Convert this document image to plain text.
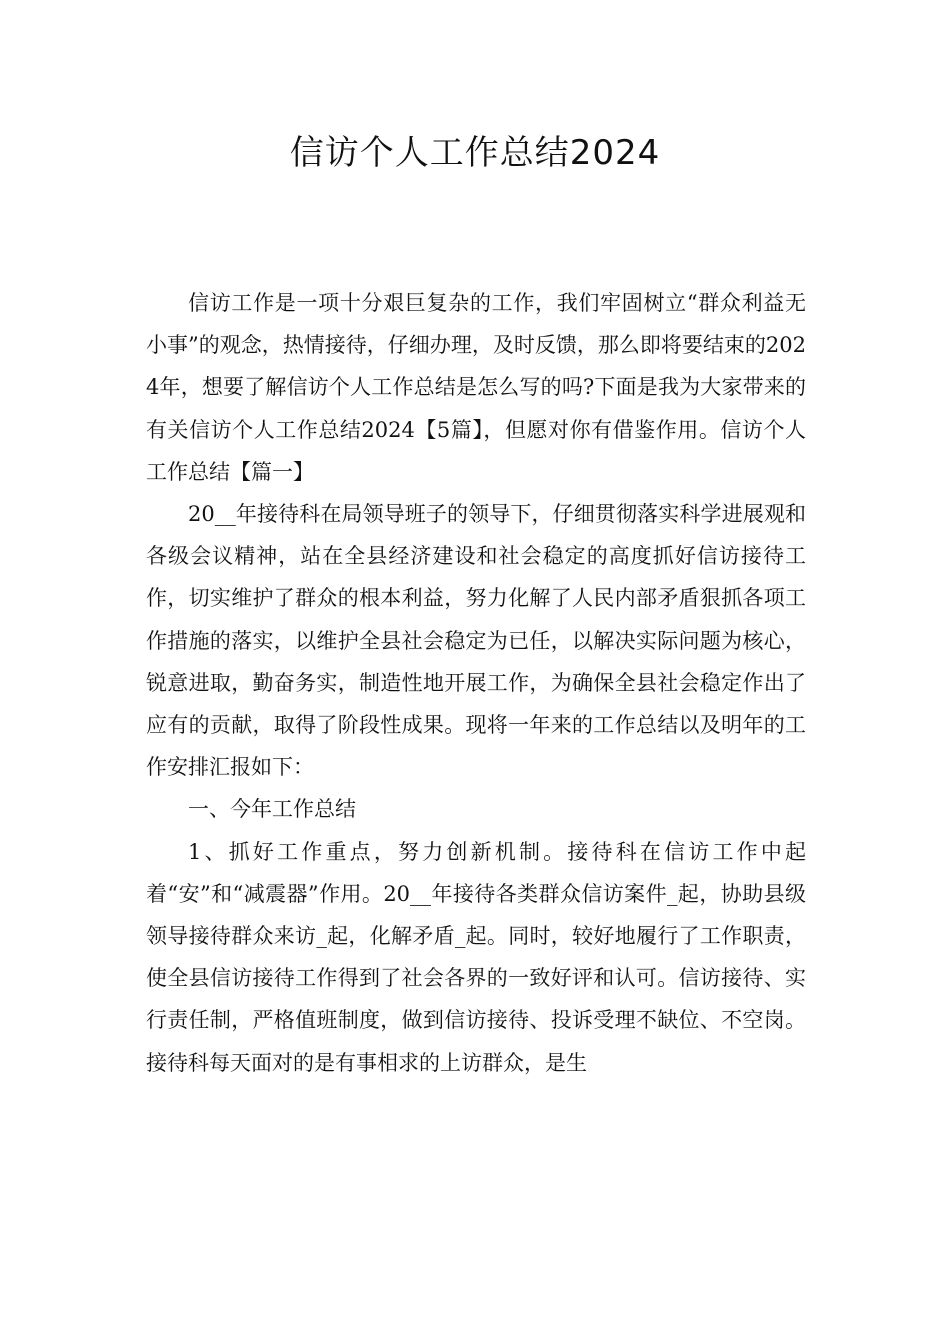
信访个人工作总结2024

信访工作是一项十分艰巨复杂的工作，我们牢固树立“群众利益无小事”的观念，热情接待，仔细办理，及时反馈，那么即将要结束的2024年，想要了解信访个人工作总结是怎么写的吗?下面是我为大家带来的有关信访个人工作总结2024【5篇】，但愿对你有借鉴作用。信访个人工作总结【篇一】

20__年接待科在局领导班子的领导下，仔细贯彻落实科学进展观和各级会议精神，站在全县经济建设和社会稳定的高度抓好信访接待工作，切实维护了群众的根本利益，努力化解了人民内部矛盾狠抓各项工作措施的落实，以维护全县社会稳定为已任，以解决实际问题为核心，锐意进取，勤奋务实，制造性地开展工作，为确保全县社会稳定作出了应有的贡献，取得了阶段性成果。现将一年来的工作总结以及明年的工作安排汇报如下：

一、今年工作总结

1、抓好工作重点，努力创新机制。接待科在信访工作中起着“安”和“减震器”作用。20__年接待各类群众信访案件_起，协助县级领导接待群众来访_起，化解矛盾_起。同时，较好地履行了工作职责，使全县信访接待工作得到了社会各界的一致好评和认可。信访接待、实行责任制，严格值班制度，做到信访接待、投诉受理不缺位、不空岗。接待科每天面对的是有事相求的上访群众，是生
